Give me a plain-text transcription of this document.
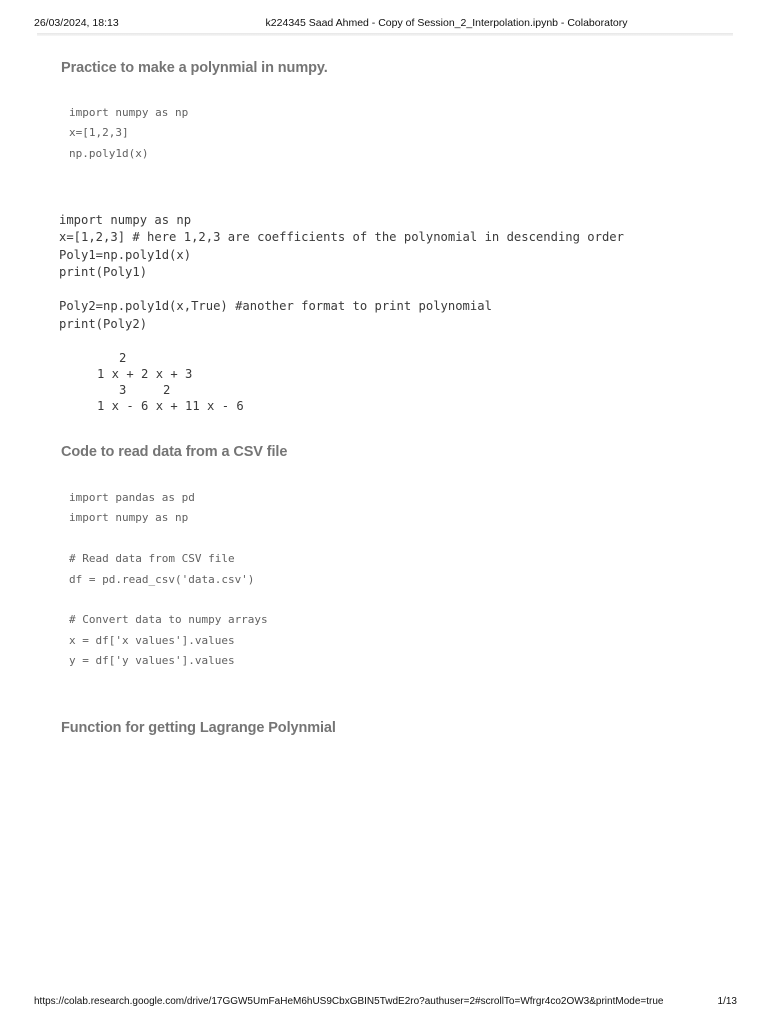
26/03/2024, 18:13	k224345 Saad Ahmed - Copy of Session_2_Interpolation.ipynb - Colaboratory
Practice to make a polynmial in numpy.
import numpy as np
x=[1,2,3]
np.poly1d(x)
import numpy as np
x=[1,2,3] # here 1,2,3 are coefficients of the polynomial in descending order
Poly1=np.poly1d(x)
print(Poly1)
Poly2=np.poly1d(x,True) #another format to print polynomial
print(Poly2)
2
1 x + 2 x + 3
3     2
1 x - 6 x + 11 x - 6
Code to read data from a CSV file
import pandas as pd
import numpy as np
# Read data from CSV file
df = pd.read_csv('data.csv')
# Convert data to numpy arrays
x = df['x values'].values
y = df['y values'].values
Function for getting Lagrange Polynmial
https://colab.research.google.com/drive/17GGW5UmFaHeM6hUS9CbxGBIN5TwdE2ro?authuser=2#scrollTo=Wfrgr4co2OW3&printMode=true	1/13
